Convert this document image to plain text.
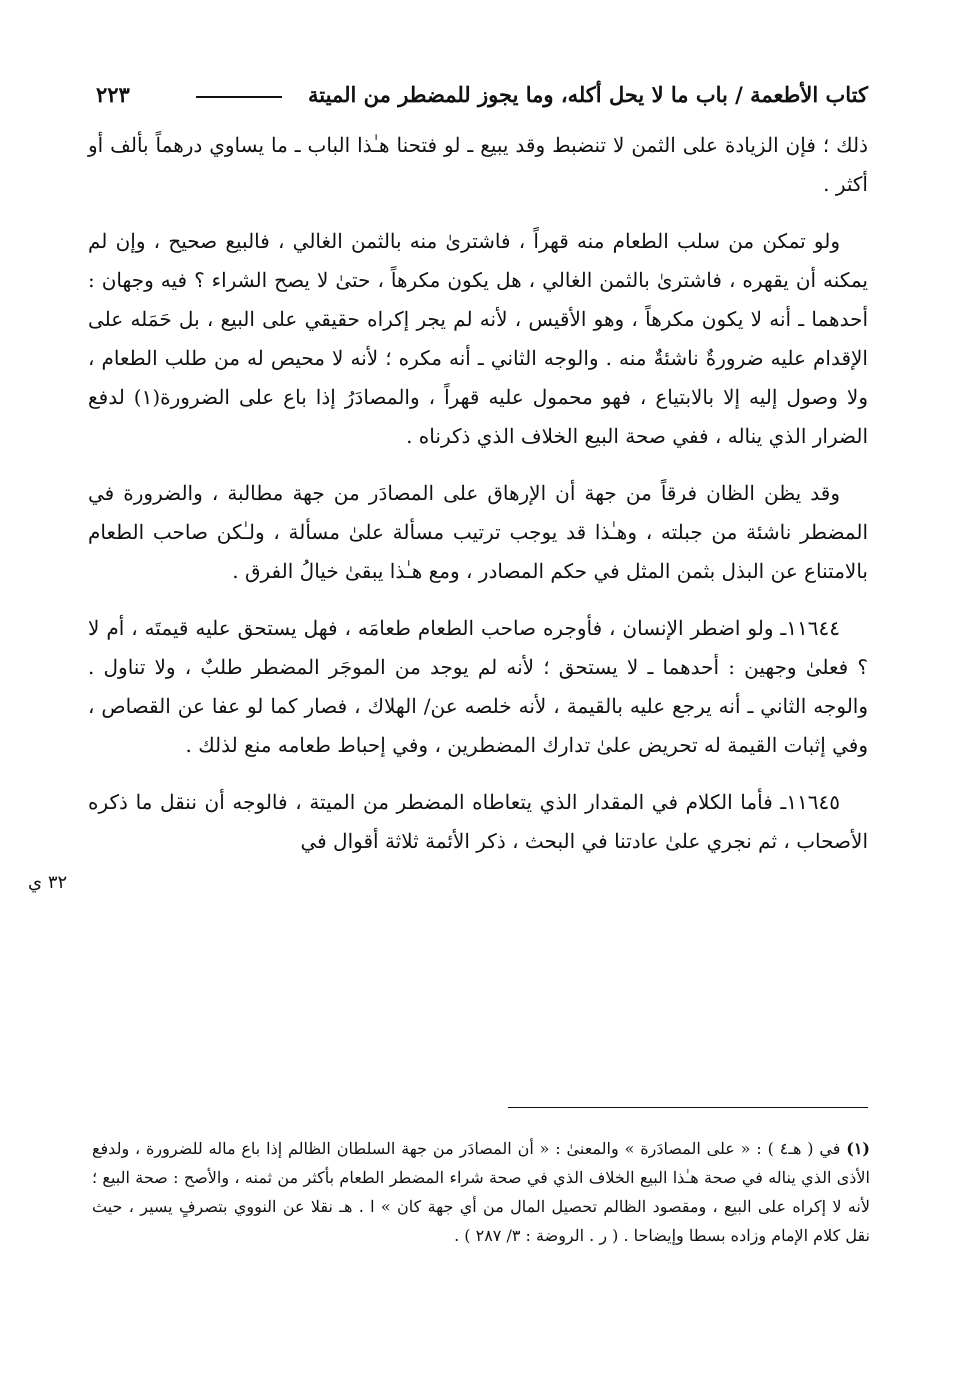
كتاب الأطعمة / باب ما لا يحل أكله، وما يجوز للمضطر من الميتة
٢٢٣

ذلك ؛ فإن الزيادة على الثمن لا تنضبط وقد يبيع ـ لو فتحنا هـٰذا الباب ـ ما يساوي درهماً بألف أو أكثر .

ولو تمكن من سلب الطعام منه قهراً ، فاشترىٰ منه بالثمن الغالي ، فالبيع صحيح ، وإن لم يمكنه أن يقهره ، فاشترىٰ بالثمن الغالي ، هل يكون مكرهاً ، حتىٰ لا يصح الشراء ؟ فيه وجهان : أحدهما ـ أنه لا يكون مكرهاً ، وهو الأقيس ، لأنه لم يجر إكراه حقيقي على البيع ، بل حَمَله على الإقدام عليه ضرورةٌ ناشئةٌ منه . والوجه الثاني ـ أنه مكره ؛ لأنه لا محيص له من طلب الطعام ، ولا وصول إليه إلا بالابتياع ، فهو محمول عليه قهراً ، والمصادَرُ إذا باع على الضرورة(١) لدفع الضرار الذي يناله ، ففي صحة البيع الخلاف الذي ذكرناه .

وقد يظن الظان فرقاً من جهة أن الإرهاق على المصادَر من جهة مطالبة ، والضرورة في المضطر ناشئة من جبلته ، وهـٰذا قد يوجب ترتيب مسألة علىٰ مسألة ، ولـٰكن صاحب الطعام بالامتناع عن البذل بثمن المثل في حكم المصادر ، ومع هـٰذا يبقىٰ خيالُ الفرق .

١١٦٤٤ـ ولو اضطر الإنسان ، فأوجره صاحب الطعام طعامَه ، فهل يستحق عليه قيمتَه ، أم لا ؟ فعلىٰ وجهين : أحدهما ـ لا يستحق ؛ لأنه لم يوجد من الموجَر المضطر طلبٌ ، ولا تناول . والوجه الثاني ـ أنه يرجع عليه بالقيمة ، لأنه خلصه عن/ الهلاك ، فصار كما لو عفا عن القصاص ، وفي إثبات القيمة له تحريض علىٰ تدارك المضطرين ، وفي إحباط طعامه منع لذلك .

١١٦٤٥ـ فأما الكلام في المقدار الذي يتعاطاه المضطر من الميتة ، فالوجه أن ننقل ما ذكره الأصحاب ، ثم نجري علىٰ عادتنا في البحث ، ذكر الأئمة ثلاثة أقوال في

٣٢ ي
(١) في ( هـ٤ ) : « على المصادَرة » والمعنىٰ : « أن المصادَر من جهة السلطان الظالم إذا باع ماله للضرورة ، ولدفع الأذى الذي يناله في صحة هـٰذا البيع الخلاف الذي في صحة شراء المضطر الطعام بأكثر من ثمنه ، والأصح : صحة البيع ؛ لأنه لا إكراه على البيع ، ومقصود الظالم تحصيل المال من أي جهة كان » ا . هـ نقلا عن النووي بتصرفٍ يسير ، حيث نقل كلام الإمام وزاده بسطا وإيضاحا . ( ر . الروضة : ٣/ ٢٨٧ ) .
